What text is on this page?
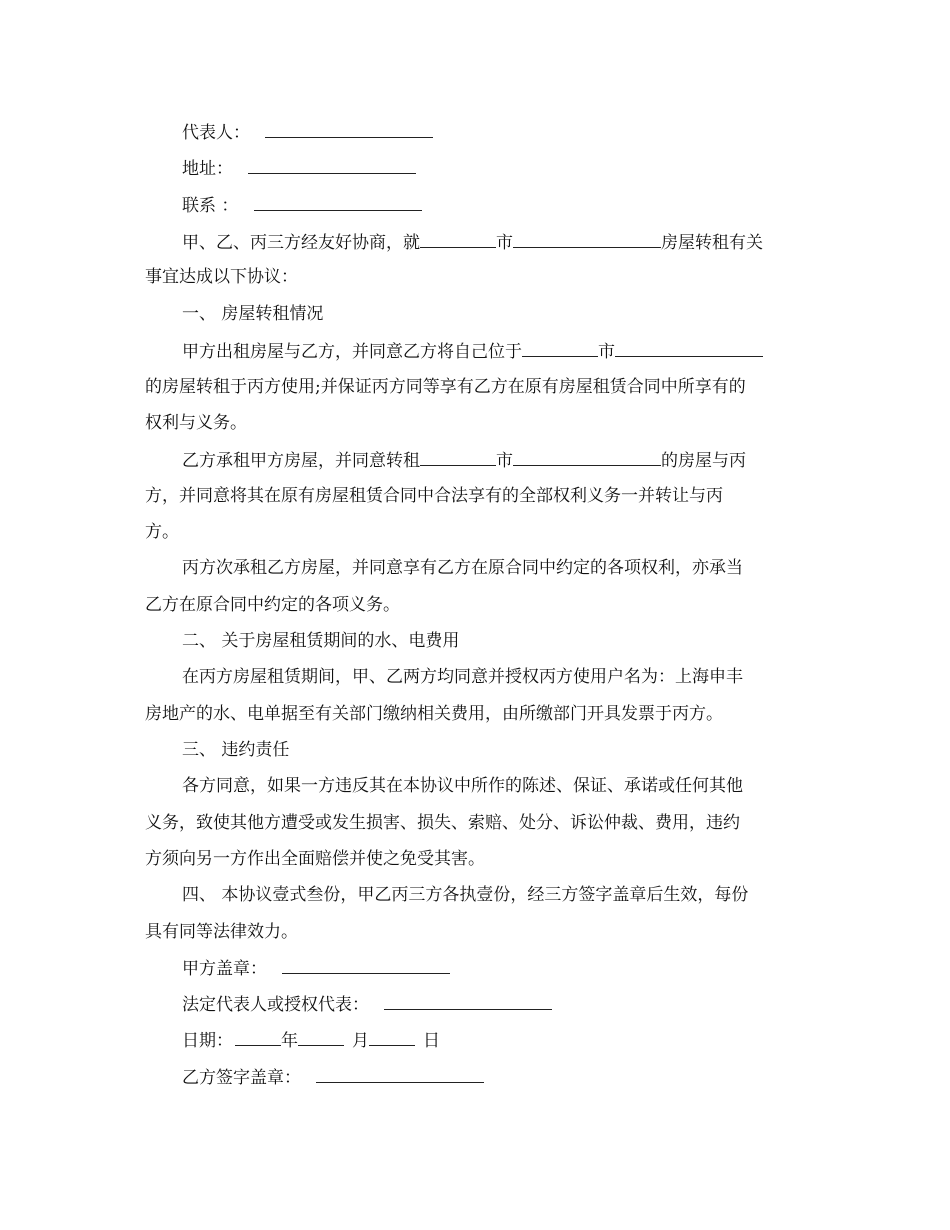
代表人：
地址：
联系 ：
甲、乙、丙三方经友好协商，就	市	房屋转租有关
事宜达成以下协议：
一、 房屋转租情况
甲方出租房屋与乙方，并同意乙方将自己位于	市
的房屋转租于丙方使用;并保证丙方同等享有乙方在原有房屋租赁合同中所享有的
权利与义务。
乙方承租甲方房屋，并同意转租	市	的房屋与丙
方，并同意将其在原有房屋租赁合同中合法享有的全部权利义务一并转让与丙
方。
丙方次承租乙方房屋，并同意享有乙方在原合同中约定的各项权利，亦承当
乙方在原合同中约定的各项义务。
二、 关于房屋租赁期间的水、电费用
在丙方房屋租赁期间，甲、乙两方均同意并授权丙方使用户名为：上海申丰
房地产的水、电单据至有关部门缴纳相关费用，由所缴部门开具发票于丙方。
三、 违约责任
各方同意，如果一方违反其在本协议中所作的陈述、保证、承诺或任何其他
义务，致使其他方遭受或发生损害、损失、索赔、处分、诉讼仲裁、费用，违约
方须向另一方作出全面赔偿并使之免受其害。
四、 本协议壹式叁份，甲乙丙三方各执壹份，经三方签字盖章后生效，每份
具有同等法律效力。
甲方盖章：
法定代表人或授权代表：
日期：	年	月	日
乙方签字盖章：
